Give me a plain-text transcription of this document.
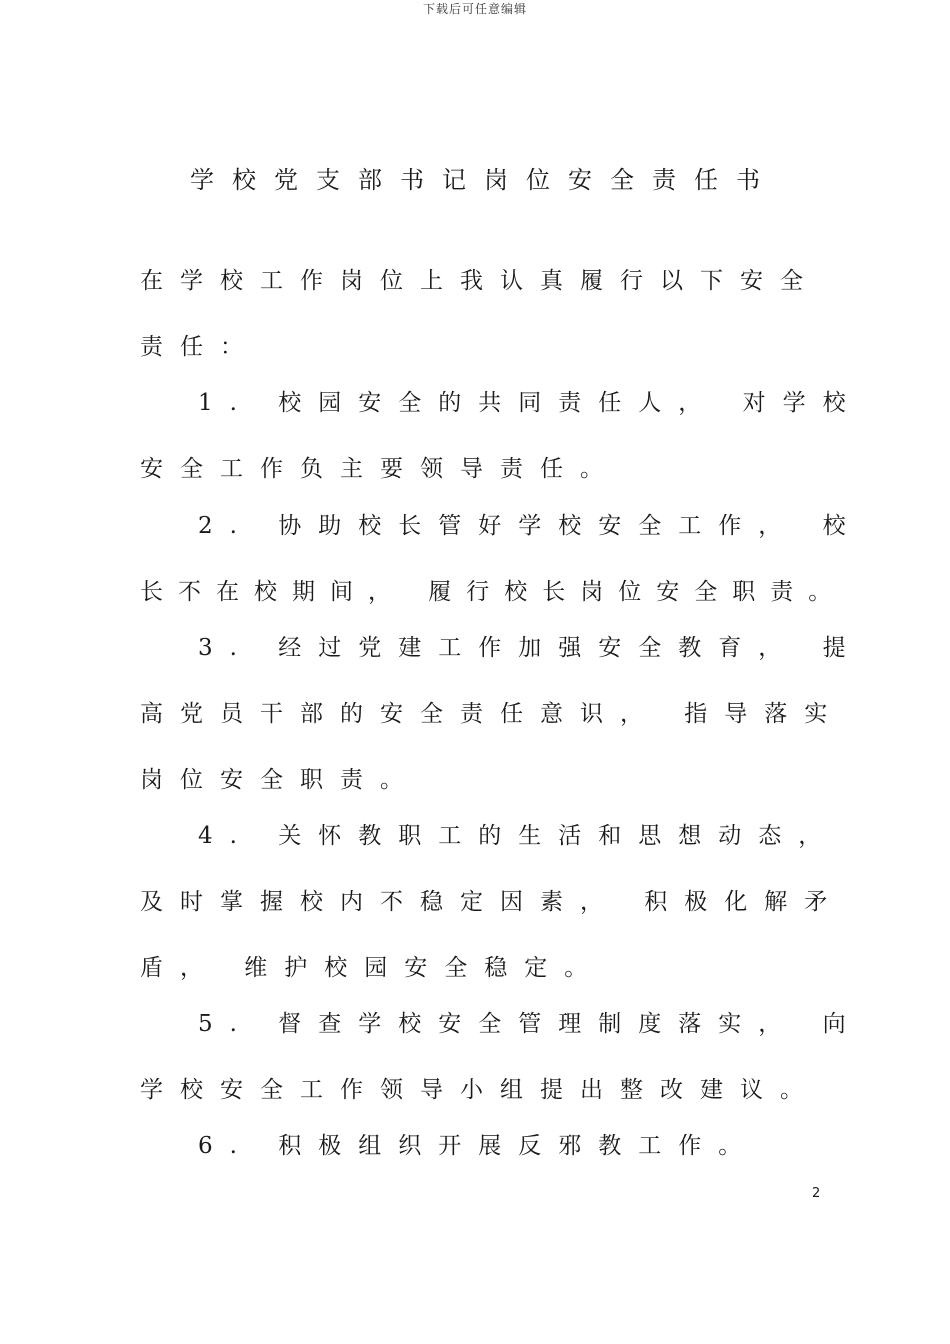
下载后可任意编辑
学校党支部书记岗位安全责任书
在学校工作岗位上我认真履行以下安全
责任：
1. 校园安全的共同责任人， 对学校
安全工作负主要领导责任。
2. 协助校长管好学校安全工作， 校
长不在校期间， 履行校长岗位安全职责。
3. 经过党建工作加强安全教育， 提
高党员干部的安全责任意识， 指导落实
岗位安全职责。
4. 关怀教职工的生活和思想动态，
及时掌握校内不稳定因素， 积极化解矛
盾， 维护校园安全稳定。
5. 督查学校安全管理制度落实， 向
学校安全工作领导小组提出整改建议。
6. 积极组织开展反邪教工作。
2
